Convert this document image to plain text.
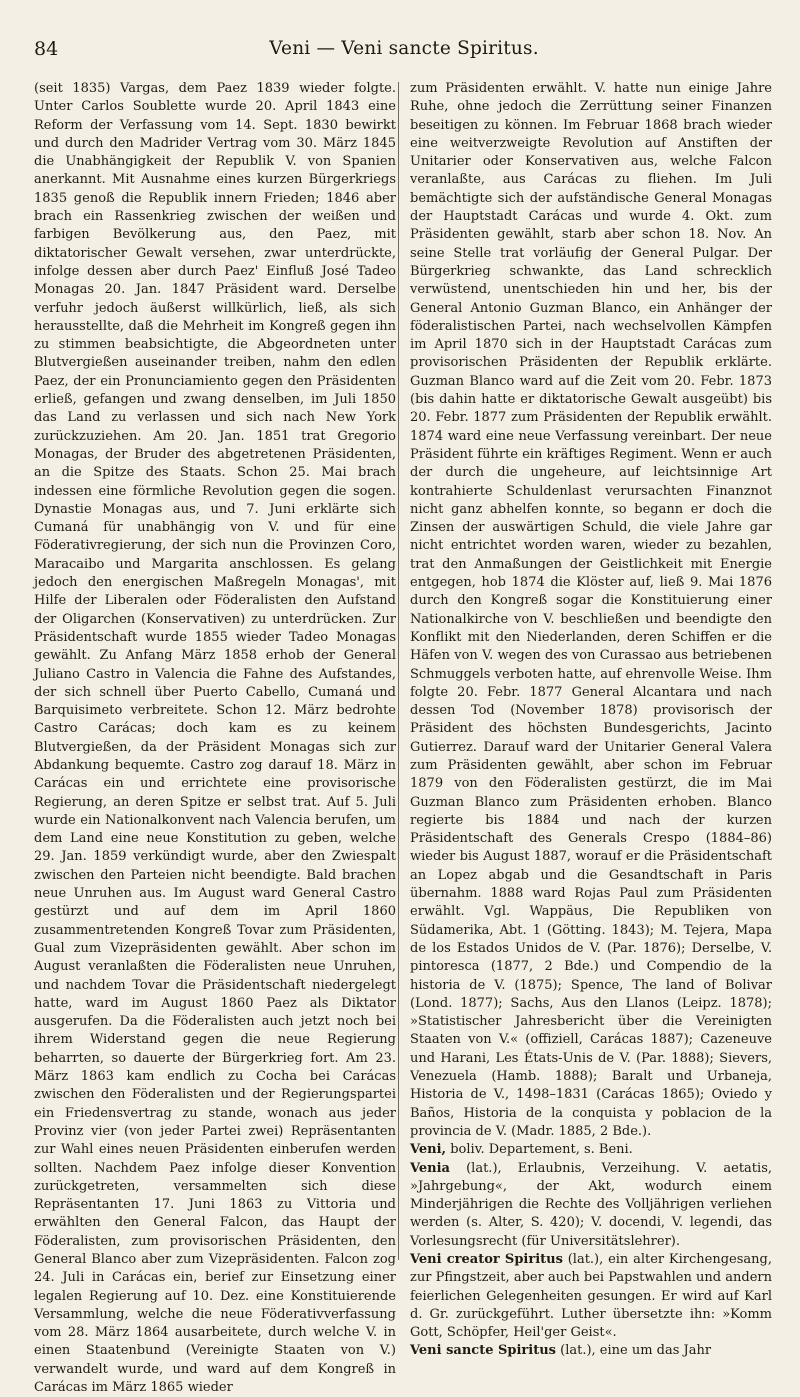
84	Veni — Veni sancte Spiritus.

(seit 1835) Vargas, dem Paez 1839 wieder folgte. Unter Carlos Soublette wurde 20. April 1843 eine Reform der Verfassung vom 14. Sept. 1830 bewirkt und durch den Madrider Vertrag vom 30. März 1845 die Unabhängigkeit der Republik V. von Spanien anerkannt. Mit Ausnahme eines kurzen Bürgerkriegs 1835 genoß die Republik innern Frieden; 1846 aber brach ein Rassenkrieg zwischen der weißen und farbigen Bevölkerung aus, den Paez, mit diktatorischer Gewalt versehen, zwar unterdrückte, infolge dessen aber durch Paez' Einfluß José Tadeo Monagas 20. Jan. 1847 Präsident ward. Derselbe verfuhr jedoch äußerst willkürlich, ließ, als sich herausstellte, daß die Mehrheit im Kongreß gegen ihn zu stimmen beabsichtigte, die Abgeordneten unter Blutvergießen auseinander treiben, nahm den edlen Paez, der ein Pronunciamiento gegen den Präsidenten erließ, gefangen und zwang denselben, im Juli 1850 das Land zu verlassen und sich nach New York zurückzuziehen. Am 20. Jan. 1851 trat Gregorio Monagas, der Bruder des abgetretenen Präsidenten, an die Spitze des Staats. Schon 25. Mai brach indessen eine förmliche Revolution gegen die sogen. Dynastie Monagas aus, und 7. Juni erklärte sich Cumaná für unabhängig von V. und für eine Föderativregierung, der sich nun die Provinzen Coro, Maracaibo und Margarita anschlossen. Es gelang jedoch den energischen Maßregeln Monagas', mit Hilfe der Liberalen oder Föderalisten den Aufstand der Oligarchen (Konservativen) zu unterdrücken. Zur Präsidentschaft wurde 1855 wieder Tadeo Monagas gewählt. Zu Anfang März 1858 erhob der General Juliano Castro in Valencia die Fahne des Aufstandes, der sich schnell über Puerto Cabello, Cumaná und Barquisimeto verbreitete. Schon 12. März bedrohte Castro Carácas; doch kam es zu keinem Blutvergießen, da der Präsident Monagas sich zur Abdankung bequemte. Castro zog darauf 18. März in Carácas ein und errichtete eine provisorische Regierung, an deren Spitze er selbst trat. Auf 5. Juli wurde ein Nationalkonvent nach Valencia berufen, um dem Land eine neue Konstitution zu geben, welche 29. Jan. 1859 verkündigt wurde, aber den Zwiespalt zwischen den Parteien nicht beendigte. Bald brachen neue Unruhen aus. Im August ward General Castro gestürzt und auf dem im April 1860 zusammentretenden Kongreß Tovar zum Präsidenten, Gual zum Vizepräsidenten gewählt. Aber schon im August veranlaßten die Föderalisten neue Unruhen, und nachdem Tovar die Präsidentschaft niedergelegt hatte, ward im August 1860 Paez als Diktator ausgerufen. Da die Föderalisten auch jetzt noch bei ihrem Widerstand gegen die neue Regierung beharrten, so dauerte der Bürgerkrieg fort. Am 23. März 1863 kam endlich zu Cocha bei Carácas zwischen den Föderalisten und der Regierungspartei ein Friedensvertrag zu stande, wonach aus jeder Provinz vier (von jeder Partei zwei) Repräsentanten zur Wahl eines neuen Präsidenten einberufen werden sollten. Nachdem Paez infolge dieser Konvention zurückgetreten, versammelten sich diese Repräsentanten 17. Juni 1863 zu Vittoria und erwählten den General Falcon, das Haupt der Föderalisten, zum provisorischen Präsidenten, den General Blanco aber zum Vizepräsidenten. Falcon zog 24. Juli in Carácas ein, berief zur Einsetzung einer legalen Regierung auf 10. Dez. eine Konstituierende Versammlung, welche die neue Föderativverfassung vom 28. März 1864 ausarbeitete, durch welche V. in einen Staatenbund (Vereinigte Staaten von V.) verwandelt wurde, und ward auf dem Kongreß in Carácas im März 1865 wieder

zum Präsidenten erwählt. V. hatte nun einige Jahre Ruhe, ohne jedoch die Zerrüttung seiner Finanzen beseitigen zu können. Im Februar 1868 brach wieder eine weitverzweigte Revolution auf Anstiften der Unitarier oder Konservativen aus, welche Falcon veranlaßte, aus Carácas zu fliehen. Im Juli bemächtigte sich der aufständische General Monagas der Hauptstadt Carácas und wurde 4. Okt. zum Präsidenten gewählt, starb aber schon 18. Nov. An seine Stelle trat vorläufig der General Pulgar. Der Bürgerkrieg schwankte, das Land schrecklich verwüstend, unentschieden hin und her, bis der General Antonio Guzman Blanco, ein Anhänger der föderalistischen Partei, nach wechselvollen Kämpfen im April 1870 sich in der Hauptstadt Carácas zum provisorischen Präsidenten der Republik erklärte. Guzman Blanco ward auf die Zeit vom 20. Febr. 1873 (bis dahin hatte er diktatorische Gewalt ausgeübt) bis 20. Febr. 1877 zum Präsidenten der Republik erwählt. 1874 ward eine neue Verfassung vereinbart. Der neue Präsident führte ein kräftiges Regiment. Wenn er auch der durch die ungeheure, auf leichtsinnige Art kontrahierte Schuldenlast verursachten Finanznot nicht ganz abhelfen konnte, so begann er doch die Zinsen der auswärtigen Schuld, die viele Jahre gar nicht entrichtet worden waren, wieder zu bezahlen, trat den Anmaßungen der Geistlichkeit mit Energie entgegen, hob 1874 die Klöster auf, ließ 9. Mai 1876 durch den Kongreß sogar die Konstituierung einer Nationalkirche von V. beschließen und beendigte den Konflikt mit den Niederlanden, deren Schiffen er die Häfen von V. wegen des von Curassao aus betriebenen Schmuggels verboten hatte, auf ehrenvolle Weise. Ihm folgte 20. Febr. 1877 General Alcantara und nach dessen Tod (November 1878) provisorisch der Präsident des höchsten Bundesgerichts, Jacinto Gutierrez. Darauf ward der Unitarier General Valera zum Präsidenten gewählt, aber schon im Februar 1879 von den Föderalisten gestürzt, die im Mai Guzman Blanco zum Präsidenten erhoben. Blanco regierte bis 1884 und nach der kurzen Präsidentschaft des Generals Crespo (1884–86) wieder bis August 1887, worauf er die Präsidentschaft an Lopez abgab und die Gesandtschaft in Paris übernahm. 1888 ward Rojas Paul zum Präsidenten erwählt. Vgl. Wappäus, Die Republiken von Südamerika, Abt. 1 (Götting. 1843); M. Tejera, Mapa de los Estados Unidos de V. (Par. 1876); Derselbe, V. pintoresca (1877, 2 Bde.) und Compendio de la historia de V. (1875); Spence, The land of Bolivar (Lond. 1877); Sachs, Aus den Llanos (Leipz. 1878); »Statistischer Jahresbericht über die Vereinigten Staaten von V.« (offiziell, Carácas 1887); Cazeneuve und Harani, Les États-Unis de V. (Par. 1888); Sievers, Venezuela (Hamb. 1888); Baralt und Urbaneja, Historia de V., 1498–1831 (Carácas 1865); Oviedo y Baños, Historia de la conquista y poblacion de la provincia de V. (Madr. 1885, 2 Bde.).

Veni, boliv. Departement, s. Beni.

Venia (lat.), Erlaubnis, Verzeihung. V. aetatis, »Jahrgebung«, der Akt, wodurch einem Minderjährigen die Rechte des Volljährigen verliehen werden (s. Alter, S. 420); V. docendi, V. legendi, das Vorlesungsrecht (für Universitätslehrer).

Veni creator Spiritus (lat.), ein alter Kirchengesang, zur Pfingstzeit, aber auch bei Papstwahlen und andern feierlichen Gelegenheiten gesungen. Er wird auf Karl d. Gr. zurückgeführt. Luther übersetzte ihn: »Komm Gott, Schöpfer, Heil'ger Geist«.

Veni sancte Spiritus (lat.), eine um das Jahr
